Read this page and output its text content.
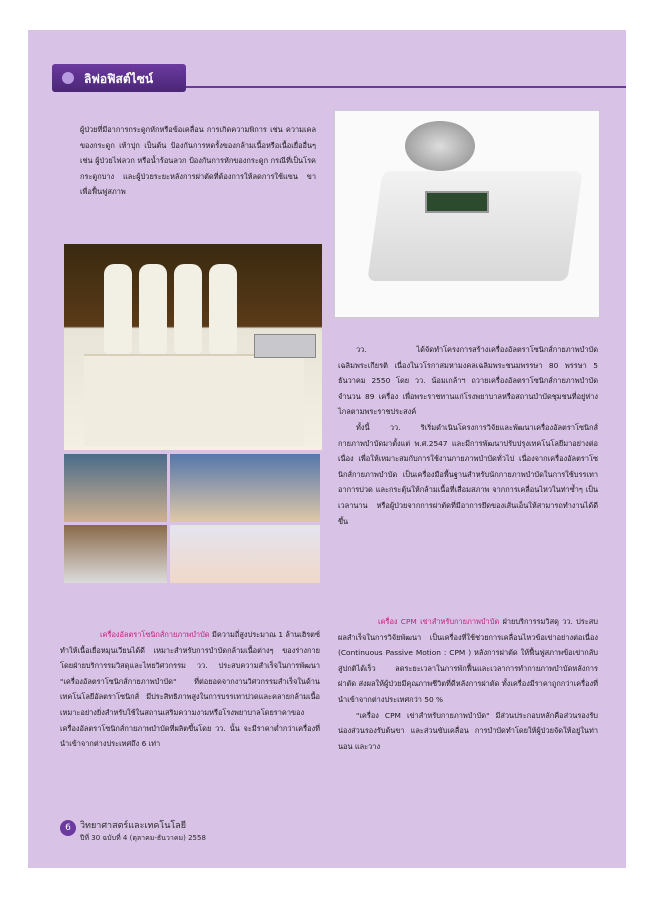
ลิฟอฟิสต์ไซน์

ผู้ป่วยที่มีอาการกระดูกหักหรือข้อเคลื่อน การเกิดความพิการ เช่น ความเคลของกระดูก เท้าปุก เป็นต้น ป้องกันการหดรั้งของกล้ามเนื้อหรือเนื้อเยื่ออื่นๆ เช่น ผู้ป่วยไฟลวก หรือน้ำร้อนลวก ป้องกันการหักของกระดูก กรณีที่เป็นโรคกระดูกบาง และผู้ป่วยระยะหลังการผ่าตัดที่ต้องการให้ลดการใช้แขน ขา เพื่อฟื้นฟูสภาพ

วว. ได้จัดทำโครงการสร้างเครื่องอัลตราโซนิกส์กายภาพบำบัดเฉลิมพระเกียรติ เนื่องในวโรกาสมหามงคลเฉลิมพระชนมพรรษา 80 พรรษา 5 ธันวาคม 2550 โดย วว. น้อมเกล้าฯ ถวายเครื่องอัลตราโซนิกส์กายภาพบำบัด จำนวน 89 เครื่อง เพื่อพระราชทานแก่โรงพยาบาลหรือสถานบำบัดชุมชนที่อยู่ห่างไกลตามพระราชประสงค์

ทั้งนี้ วว. ริเริ่มดำเนินโครงการวิจัยและพัฒนาเครื่องอัลตราโซนิกส์กายภาพบำบัดมาตั้งแต่ พ.ศ.2547 และมีการพัฒนาปรับปรุงเทคโนโลยีมาอย่างต่อเนื่อง เพื่อให้เหมาะสมกับการใช้งานกายภาพบำบัดทั่วไป เนื่องจากเครื่องอัลตราโซนิกส์กายภาพบำบัด เป็นเครื่องมือพื้นฐานสำหรับนักกายภาพบำบัดในการใช้บรรเทาอาการปวด และกระตุ้นให้กล้ามเนื้อที่เสื่อมสภาพ จากการเคลื่อนไหวในท่าซ้ำๆ เป็นเวลานาน หรือผู้ป่วยจากการผ่าตัดที่มีอาการยึดของเส้นเอ็นให้สามารถทำงานได้ดีขึ้น

เครื่องอัลตราโซนิกส์กายภาพบำบัด มีความถี่สูงประมาณ 1 ล้านเฮิรตซ์ ทำให้เนื้อเยื่อหมุนเวียนได้ดี เหมาะสำหรับการบำบัดกล้ามเนื้อต่างๆ ของร่างกาย โดยฝ่ายบริการรมวิสดุและไทยวิศวกรรม วว. ประสบความสำเร็จในการพัฒนา "เครื่องอัลตราโซนิกส์กายภาพบำบัด" ที่ต่อยอดจากงานวิศวกรรมสำเร็จในด้านเทคโนโลยีอัลตราโซนิกส์ มีประสิทธิภาพสูงในการบรรเทาปวดและคลายกล้ามเนื้อ เหมาะอย่างยิ่งสำหรับใช้ในสถานเสริมความงามหรือโรงพยาบาลโดยราคาของเครื่องอัลตราโซนิกส์กายภาพบำบัดที่ผลิตขึ้นโดย วว. นั้น จะมีราคาต่ำกว่าเครื่องที่นำเข้าจากต่างประเทศถึง 6 เท่า

เครื่อง CPM เข่าสำหรับกายภาพบำบัด ฝ่ายบริการรมวิสดุ วว. ประสบผลสำเร็จในการวิจัยพัฒนา เป็นเครื่องที่ใช้ช่วยการเคลื่อนไหวข้อเข่าอย่างต่อเนื่อง (Continuous Passive Motion : CPM ) หลังการผ่าตัด ให้ฟื้นฟูสภาพข้อเข่ากลับสู่ปกติได้เร็ว ลดระยะเวลาในการพักฟื้นและเวลาการทำกายภาพบำบัดหลังการผ่าตัด ส่งผลให้ผู้ป่วยมีคุณภาพชีวิตที่ดีหลังการผ่าตัด ทั้งเครื่องมีราคาถูกกว่าเครื่องที่นำเข้าจากต่างประเทศกว่า 50 %

"เครื่อง CPM เข่าสำหรับกายภาพบำบัด" มีส่วนประกอบหลักคือส่วนรองรับน่องส่วนรองรับต้นขา และส่วนขับเคลื่อน การบำบัดทำโดยให้ผู้ป่วยจัดให้อยู่ในท่านอน และวาง

6	วิทยาศาสตร์และเทคโนโลยี
ปีที่ 30 ฉบับที่ 4 (ตุลาคม-ธันวาคม) 2558
